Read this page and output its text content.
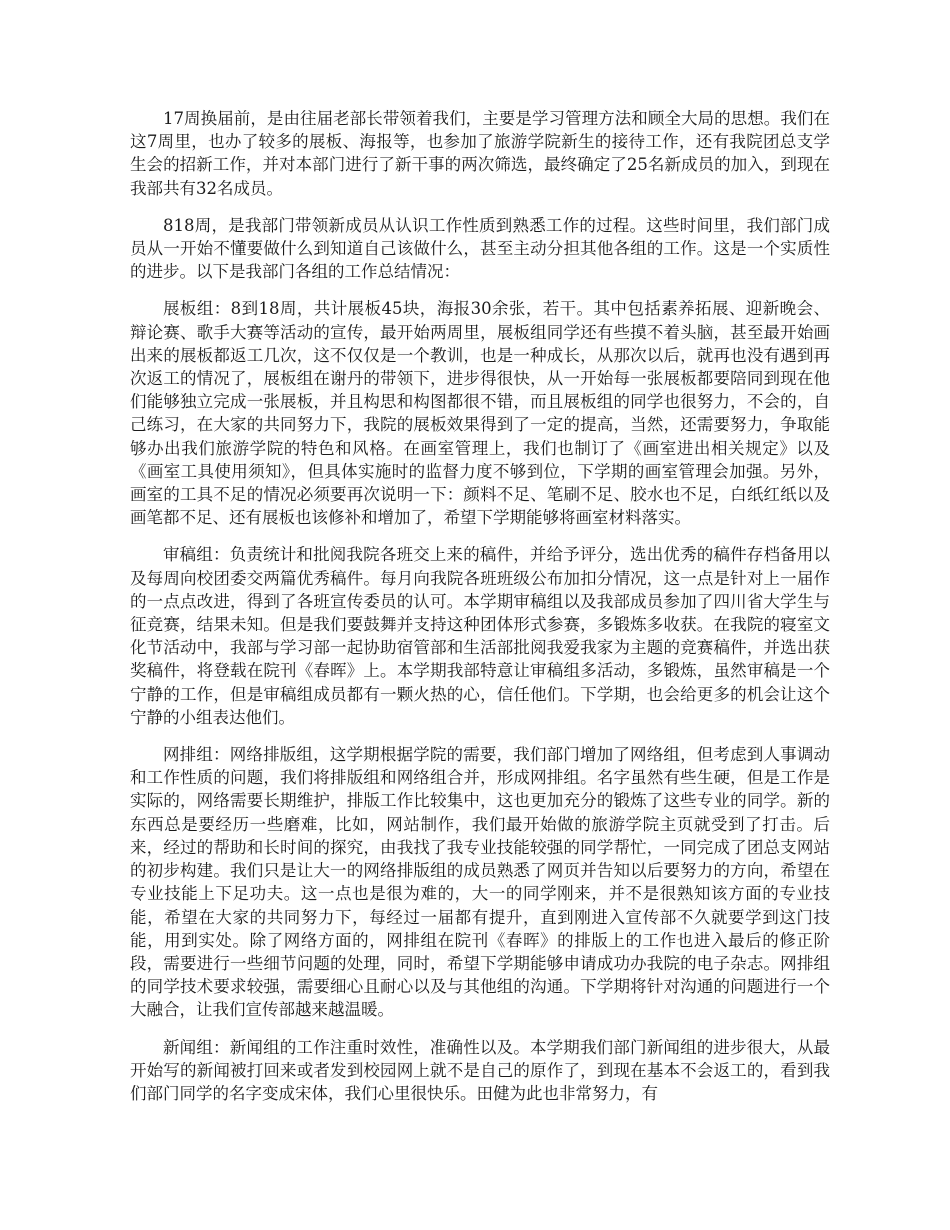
17周换届前，是由往届老部长带领着我们，主要是学习管理方法和顾全大局的思想。我们在这7周里，也办了较多的展板、海报等，也参加了旅游学院新生的接待工作，还有我院团总支学生会的招新工作，并对本部门进行了新干事的两次筛选，最终确定了25名新成员的加入，到现在我部共有32名成员。

818周，是我部门带领新成员从认识工作性质到熟悉工作的过程。这些时间里，我们部门成员从一开始不懂要做什么到知道自己该做什么，甚至主动分担其他各组的工作。这是一个实质性的进步。以下是我部门各组的工作总结情况：

展板组：8到18周，共计展板45块，海报30余张，若干。其中包括素养拓展、迎新晚会、辩论赛、歌手大赛等活动的宣传，最开始两周里，展板组同学还有些摸不着头脑，甚至最开始画出来的展板都返工几次，这不仅仅是一个教训，也是一种成长，从那次以后，就再也没有遇到再次返工的情况了，展板组在谢丹的带领下，进步得很快，从一开始每一张展板都要陪同到现在他们能够独立完成一张展板，并且构思和构图都很不错，而且展板组的同学也很努力，不会的，自己练习，在大家的共同努力下，我院的展板效果得到了一定的提高，当然，还需要努力，争取能够办出我们旅游学院的特色和风格。在画室管理上，我们也制订了《画室进出相关规定》以及《画室工具使用须知》，但具体实施时的监督力度不够到位，下学期的画室管理会加强。另外，画室的工具不足的情况必须要再次说明一下：颜料不足、笔刷不足、胶水也不足，白纸红纸以及画笔都不足、还有展板也该修补和增加了，希望下学期能够将画室材料落实。

审稿组：负责统计和批阅我院各班交上来的稿件，并给予评分，选出优秀的稿件存档备用以及每周向校团委交两篇优秀稿件。每月向我院各班班级公布加扣分情况，这一点是针对上一届作的一点点改进，得到了各班宣传委员的认可。本学期审稿组以及我部成员参加了四川省大学生与征竞赛，结果未知。但是我们要鼓舞并支持这种团体形式参赛，多锻炼多收获。在我院的寝室文化节活动中，我部与学习部一起协助宿管部和生活部批阅我爱我家为主题的竞赛稿件，并选出获奖稿件，将登载在院刊《春晖》上。本学期我部特意让审稿组多活动，多锻炼，虽然审稿是一个宁静的工作，但是审稿组成员都有一颗火热的心，信任他们。下学期，也会给更多的机会让这个宁静的小组表达他们。

网排组：网络排版组，这学期根据学院的需要，我们部门增加了网络组，但考虑到人事调动和工作性质的问题，我们将排版组和网络组合并，形成网排组。名字虽然有些生硬，但是工作是实际的，网络需要长期维护，排版工作比较集中，这也更加充分的锻炼了这些专业的同学。新的东西总是要经历一些磨难，比如，网站制作，我们最开始做的旅游学院主页就受到了打击。后来，经过的帮助和长时间的探究，由我找了我专业技能较强的同学帮忙，一同完成了团总支网站的初步构建。我们只是让大一的网络排版组的成员熟悉了网页并告知以后要努力的方向，希望在专业技能上下足功夫。这一点也是很为难的，大一的同学刚来，并不是很熟知该方面的专业技能，希望在大家的共同努力下，每经过一届都有提升，直到刚进入宣传部不久就要学到这门技能，用到实处。除了网络方面的，网排组在院刊《春晖》的排版上的工作也进入最后的修正阶段，需要进行一些细节问题的处理，同时，希望下学期能够申请成功办我院的电子杂志。网排组的同学技术要求较强，需要细心且耐心以及与其他组的沟通。下学期将针对沟通的问题进行一个大融合，让我们宣传部越来越温暖。

新闻组：新闻组的工作注重时效性，准确性以及。本学期我们部门新闻组的进步很大，从最开始写的新闻被打回来或者发到校园网上就不是自己的原作了，到现在基本不会返工的，看到我们部门同学的名字变成宋体，我们心里很快乐。田健为此也非常努力，有
